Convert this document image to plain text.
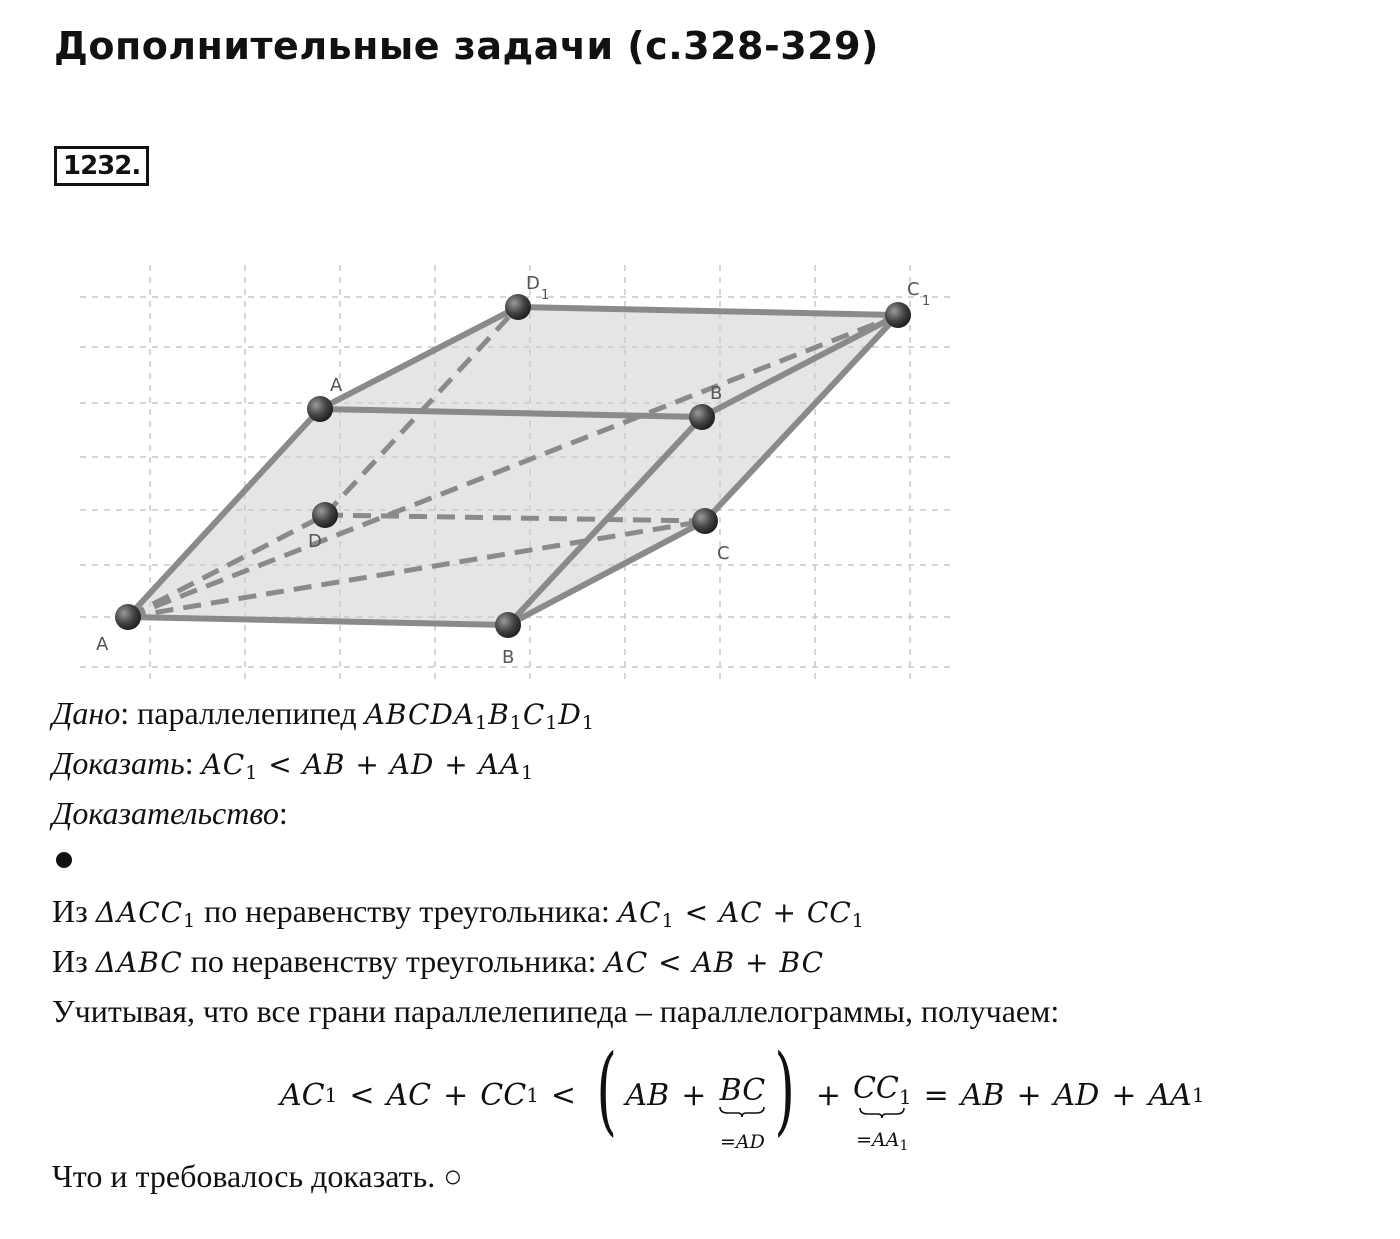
Дополнительные задачи (с.328-329)
1232.
A
B
C
D
A	B
C
1
D
1
Дано: параллелепипед $ABCDA_1B_1C_1D_1$
Доказать: $AC_1$ < AB + AD + $AA_1$
Доказательство:
Из $\Delta ACC_1$ по неравенству треугольника: $AC_1$ < AC + $CC_1$
Из ΔABC по неравенству треугольника: AC < AB + BC
Учитывая, что все грани параллелепипеда – параллелограммы, получаем:
AC 1 < AC + CC 1 < ( AB + BC
=AD ) + $CC_1$
$=AA_1$
= AB + AD + AA 1
Что и требовалось доказать. ○
